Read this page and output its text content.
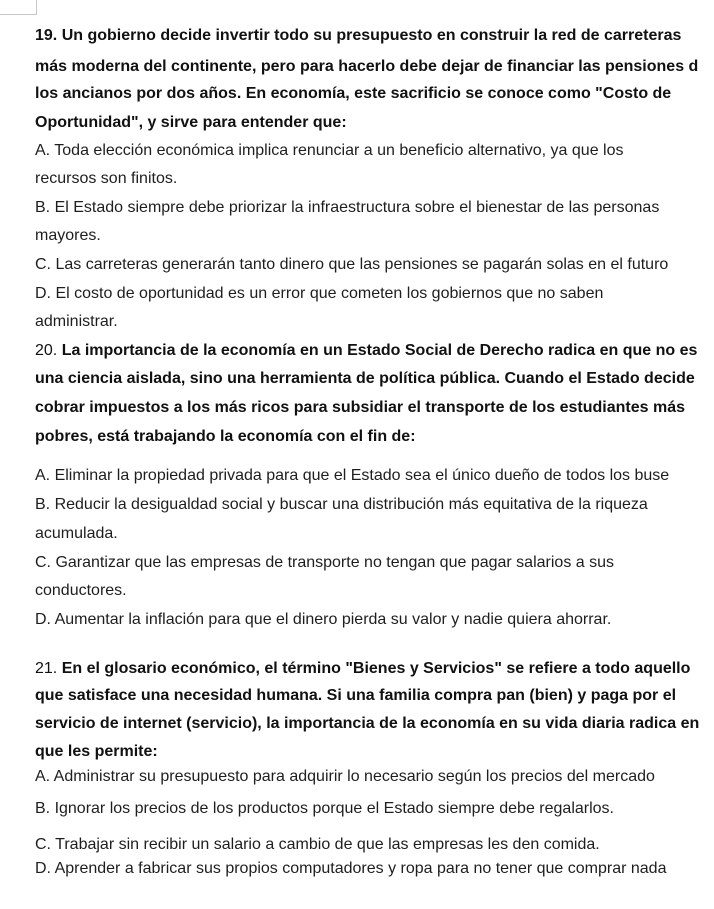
19. Un gobierno decide invertir todo su presupuesto en construir la red de carreteras
más moderna del continente, pero para hacerlo debe dejar de financiar las pensiones d
los ancianos por dos años. En economía, este sacrificio se conoce como "Costo de
Oportunidad", y sirve para entender que:
A. Toda elección económica implica renunciar a un beneficio alternativo, ya que los
recursos son finitos.
B. El Estado siempre debe priorizar la infraestructura sobre el bienestar de las personas
mayores.
C. Las carreteras generarán tanto dinero que las pensiones se pagarán solas en el futuro
D. El costo de oportunidad es un error que cometen los gobiernos que no saben
administrar.
20. La importancia de la economía en un Estado Social de Derecho radica en que no es
una ciencia aislada, sino una herramienta de política pública. Cuando el Estado decide
cobrar impuestos a los más ricos para subsidiar el transporte de los estudiantes más
pobres, está trabajando la economía con el fin de:
A. Eliminar la propiedad privada para que el Estado sea el único dueño de todos los buse
B. Reducir la desigualdad social y buscar una distribución más equitativa de la riqueza
acumulada.
C. Garantizar que las empresas de transporte no tengan que pagar salarios a sus
conductores.
D. Aumentar la inflación para que el dinero pierda su valor y nadie quiera ahorrar.
21. En el glosario económico, el término "Bienes y Servicios" se refiere a todo aquello
que satisface una necesidad humana. Si una familia compra pan (bien) y paga por el
servicio de internet (servicio), la importancia de la economía en su vida diaria radica en
que les permite:
A. Administrar su presupuesto para adquirir lo necesario según los precios del mercado
B. Ignorar los precios de los productos porque el Estado siempre debe regalarlos.
C. Trabajar sin recibir un salario a cambio de que las empresas les den comida.
D. Aprender a fabricar sus propios computadores y ropa para no tener que comprar nada
